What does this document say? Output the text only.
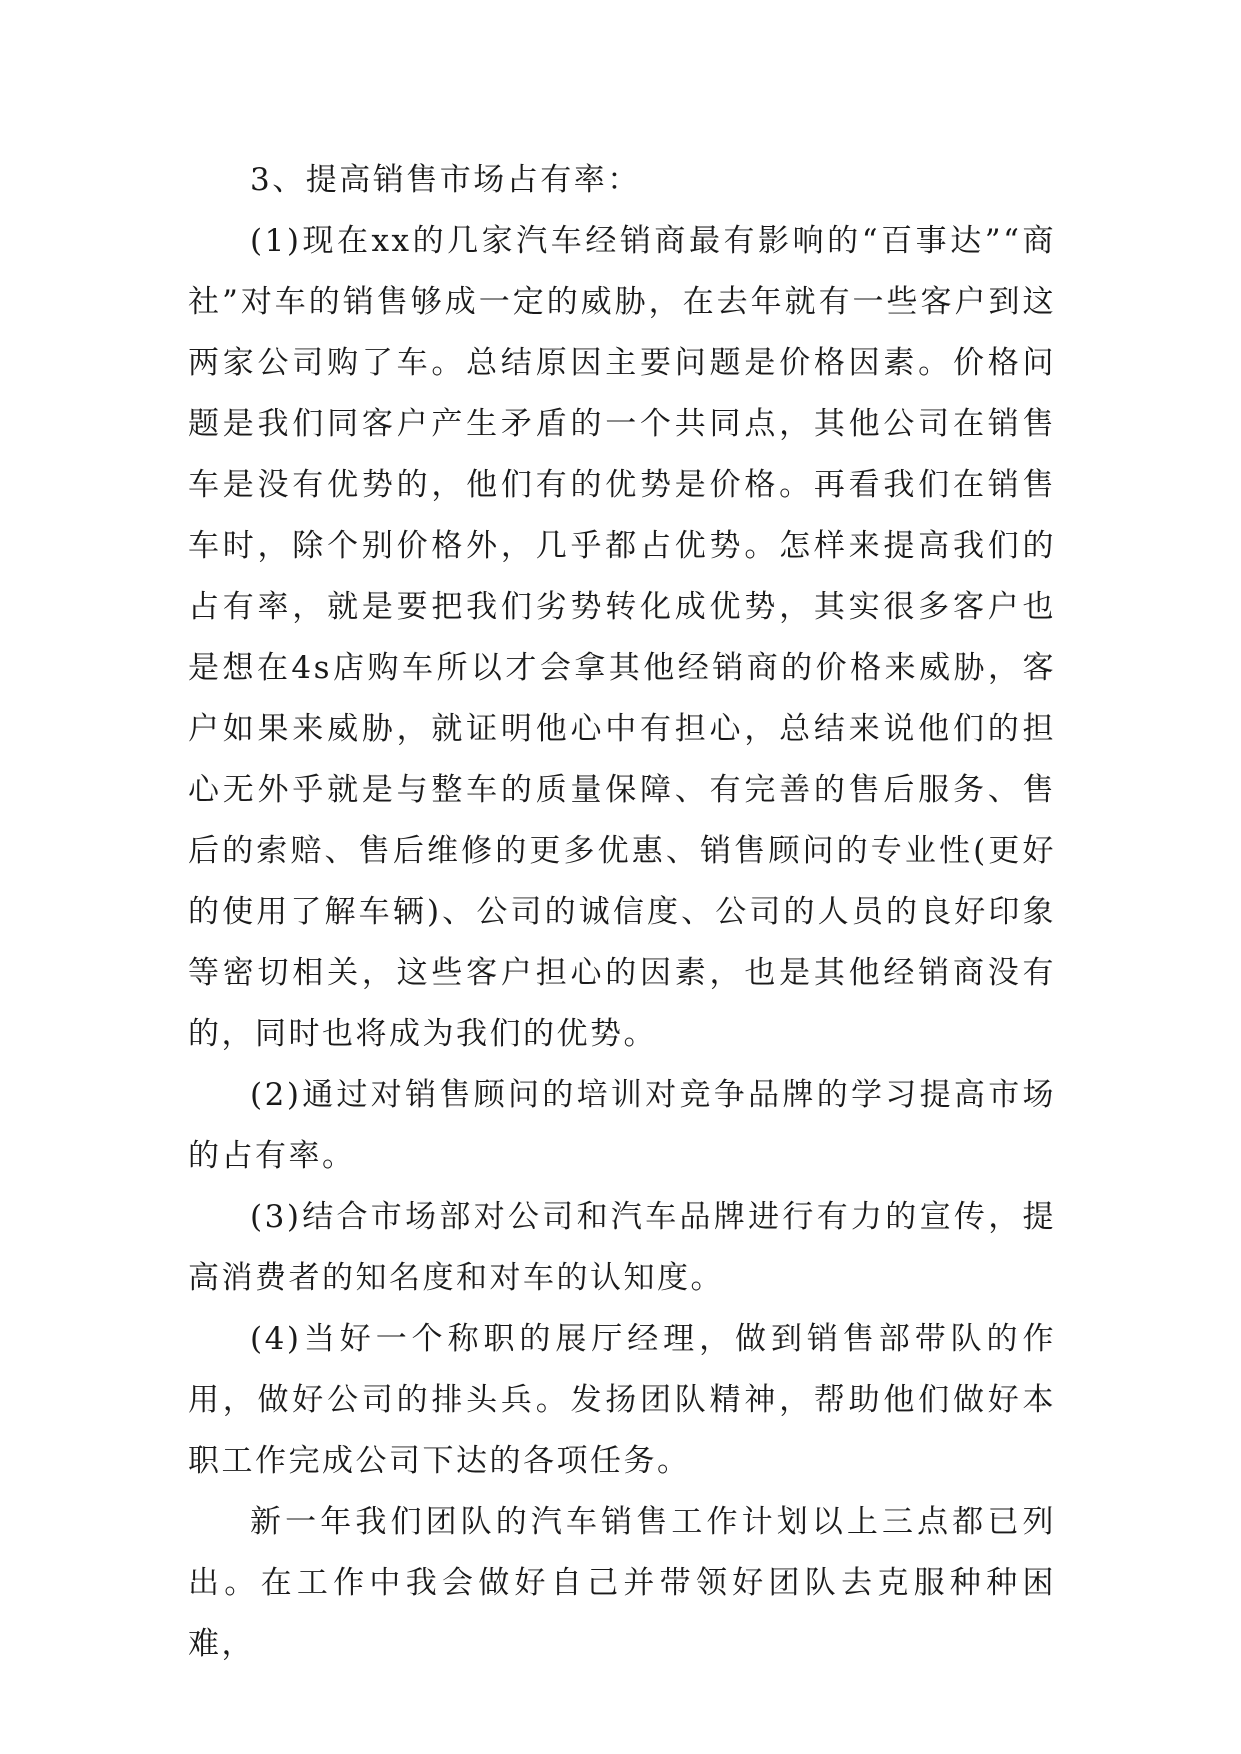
3、提高销售市场占有率：

(1)现在xx的几家汽车经销商最有影响的“百事达”“商社”对车的销售够成一定的威胁，在去年就有一些客户到这两家公司购了车。总结原因主要问题是价格因素。价格问题是我们同客户产生矛盾的一个共同点，其他公司在销售车是没有优势的，他们有的优势是价格。再看我们在销售车时，除个别价格外，几乎都占优势。怎样来提高我们的占有率，就是要把我们劣势转化成优势，其实很多客户也是想在4s店购车所以才会拿其他经销商的价格来威胁，客户如果来威胁，就证明他心中有担心，总结来说他们的担心无外乎就是与整车的质量保障、有完善的售后服务、售后的索赔、售后维修的更多优惠、销售顾问的专业性(更好的使用了解车辆)、公司的诚信度、公司的人员的良好印象等密切相关，这些客户担心的因素，也是其他经销商没有的，同时也将成为我们的优势。

(2)通过对销售顾问的培训对竞争品牌的学习提高市场的占有率。

(3)结合市场部对公司和汽车品牌进行有力的宣传，提高消费者的知名度和对车的认知度。

(4)当好一个称职的展厅经理，做到销售部带队的作用，做好公司的排头兵。发扬团队精神，帮助他们做好本职工作完成公司下达的各项任务。

新一年我们团队的汽车销售工作计划以上三点都已列出。在工作中我会做好自己并带领好团队去克服种种困难，
